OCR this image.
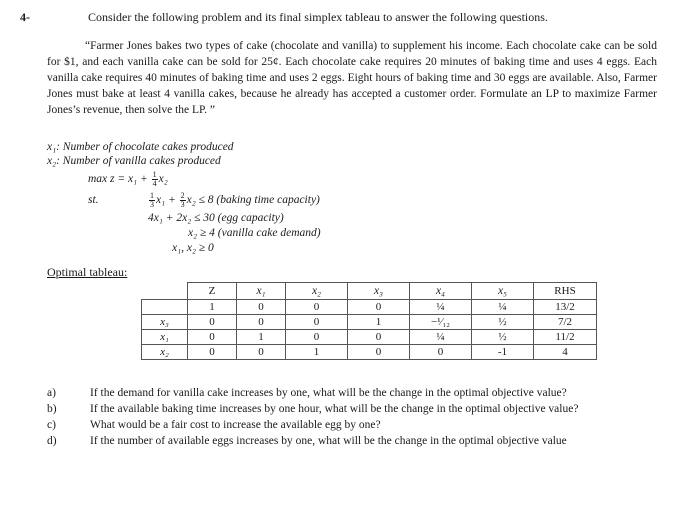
4-	Consider the following problem and its final simplex tableau to answer the following questions.
“Farmer Jones bakes two types of cake (chocolate and vanilla) to supplement his income. Each chocolate cake can be sold for $1, and each vanilla cake can be sold for 25¢. Each chocolate cake requires 20 minutes of baking time and uses 4 eggs. Each vanilla cake requires 40 minutes of baking time and uses 2 eggs. Eight hours of baking time and 30 eggs are available. Also, Farmer Jones must bake at least 4 vanilla cakes, because he already has accepted a customer order. Formulate an LP to maximize Farmer Jones’s revenue, then solve the LP. ”
x₁: Number of chocolate cakes produced
x₂: Number of vanilla cakes produced
$\max z = x_1 + \frac{1}{4} x_2$
st.	$\frac{1}{3} x_1 + \frac{2}{3} x_2 \le 8$ (baking time capacity)
4x₁ + 2x₂ ≤ 30 (egg capacity)
x₂ ≥ 4 (vanilla cake demand)
x₁, x₂ ≥ 0
Optimal tableau:
	Z	x₁	x₂	x₃	x₄	x₅	RHS
	1	0	0	0	¼	¼	13/2
x₃	0	0	0	1	−¹⁄₁₂	½	7/2
x₁	0	1	0	0	¼	½	11/2
x₂	0	0	1	0	0	-1	4
a)	If the demand for vanilla cake increases by one, what will be the change in the optimal objective value?
b)	If the available baking time increases by one hour, what will be the change in the optimal objective value?
c)	What would be a fair cost to increase the available egg by one?
d)	If the number of available eggs increases by one, what will be the change in the optimal objective value
